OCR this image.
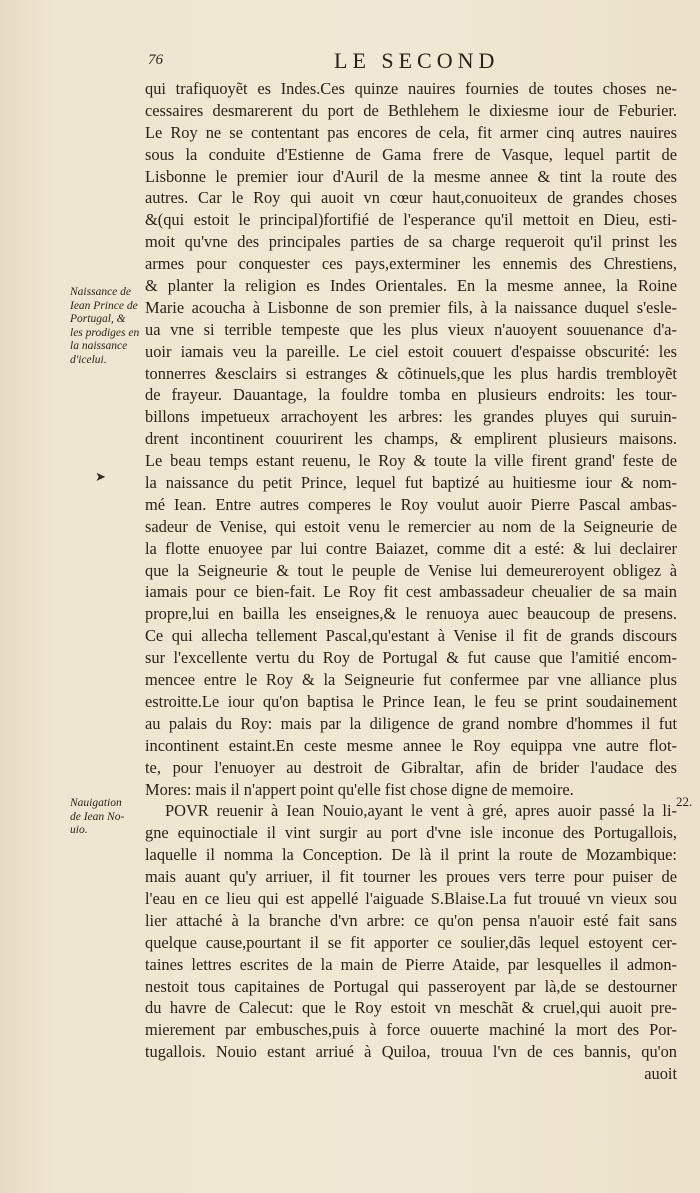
76	LE SECOND
Naissance de
Iean Prince de
Portugal, &
les prodiges en
la naissance
d'icelui.
➤
Nauigation
de Iean No-
uio.
22.
qui trafiquoyẽt es Indes.Ces quinze nauires fournies de toutes choses ne-
cessaires desmarerent du port de Bethlehem le dixiesme iour de Feburier.
Le Roy ne se contentant pas encores de cela, fit armer cinq autres nauires
sous la conduite d'Estienne de Gama frere de Vasque, lequel partit de
Lisbonne le premier iour d'Auril de la mesme annee & tint la route des
autres. Car le Roy qui auoit vn cœur haut,conuoiteux de grandes choses
&(qui estoit le principal)fortifié de l'esperance qu'il mettoit en Dieu, esti-
moit qu'vne des principales parties de sa charge requeroit qu'il prinst les
armes pour conquester ces pays,exterminer les ennemis des Chrestiens,
& planter la religion es Indes Orientales. En la mesme annee, la Roine
Marie acoucha à Lisbonne de son premier fils, à la naissance duquel s'esle-
ua vne si terrible tempeste que les plus vieux n'auoyent souuenance d'a-
uoir iamais veu la pareille. Le ciel estoit couuert d'espaisse obscurité: les
tonnerres &esclairs si estranges & cõtinuels,que les plus hardis trembloyẽt
de frayeur. Dauantage, la fouldre tomba en plusieurs endroits: les tour-
billons impetueux arrachoyent les arbres: les grandes pluyes qui suruin-
drent incontinent couurirent les champs, & emplirent plusieurs maisons.
Le beau temps estant reuenu, le Roy & toute la ville firent grand' feste de
la naissance du petit Prince, lequel fut baptizé au huitiesme iour & nom-
mé Iean. Entre autres comperes le Roy voulut auoir Pierre Pascal ambas-
sadeur de Venise, qui estoit venu le remercier au nom de la Seigneurie de
la flotte enuoyee par lui contre Baiazet, comme dit a esté: & lui declairer
que la Seigneurie & tout le peuple de Venise lui demeureroyent obligez à
iamais pour ce bien-fait. Le Roy fit cest ambassadeur cheualier de sa main
propre,lui en bailla les enseignes,& le renuoya auec beaucoup de presens.
Ce qui allecha tellement Pascal,qu'estant à Venise il fit de grands discours
sur l'excellente vertu du Roy de Portugal & fut cause que l'amitié encom-
mencee entre le Roy & la Seigneurie fut confermee par vne alliance plus
estroitte.Le iour qu'on baptisa le Prince Iean, le feu se print soudainement
au palais du Roy: mais par la diligence de grand nombre d'hommes il fut
incontinent estaint.En ceste mesme annee le Roy equippa vne autre flot-
te, pour l'enuoyer au destroit de Gibraltar, afin de brider l'audace des
Mores: mais il n'appert point qu'elle fist chose digne de memoire.
POVR reuenir à Iean Nouio,ayant le vent à gré, apres auoir passé la li-
gne equinoctiale il vint surgir au port d'vne isle inconue des Portugallois,
laquelle il nomma la Conception. De là il print la route de Mozambique:
mais auant qu'y arriuer, il fit tourner les proues vers terre pour puiser de
l'eau en ce lieu qui est appellé l'aiguade S.Blaise.La fut trouué vn vieux sou
lier attaché à la branche d'vn arbre: ce qu'on pensa n'auoir esté fait sans
quelque cause,pourtant il se fit apporter ce soulier,dãs lequel estoyent cer-
taines lettres escrites de la main de Pierre Ataide, par lesquelles il admon-
nestoit tous capitaines de Portugal qui passeroyent par là,de se destourner
du havre de Calecut: que le Roy estoit vn meschãt & cruel,qui auoit pre-
mierement par embusches,puis à force ouuerte machiné la mort des Por-
tugallois. Nouio estant arriué à Quiloa, trouua l'vn de ces bannis, qu'on
auoit
